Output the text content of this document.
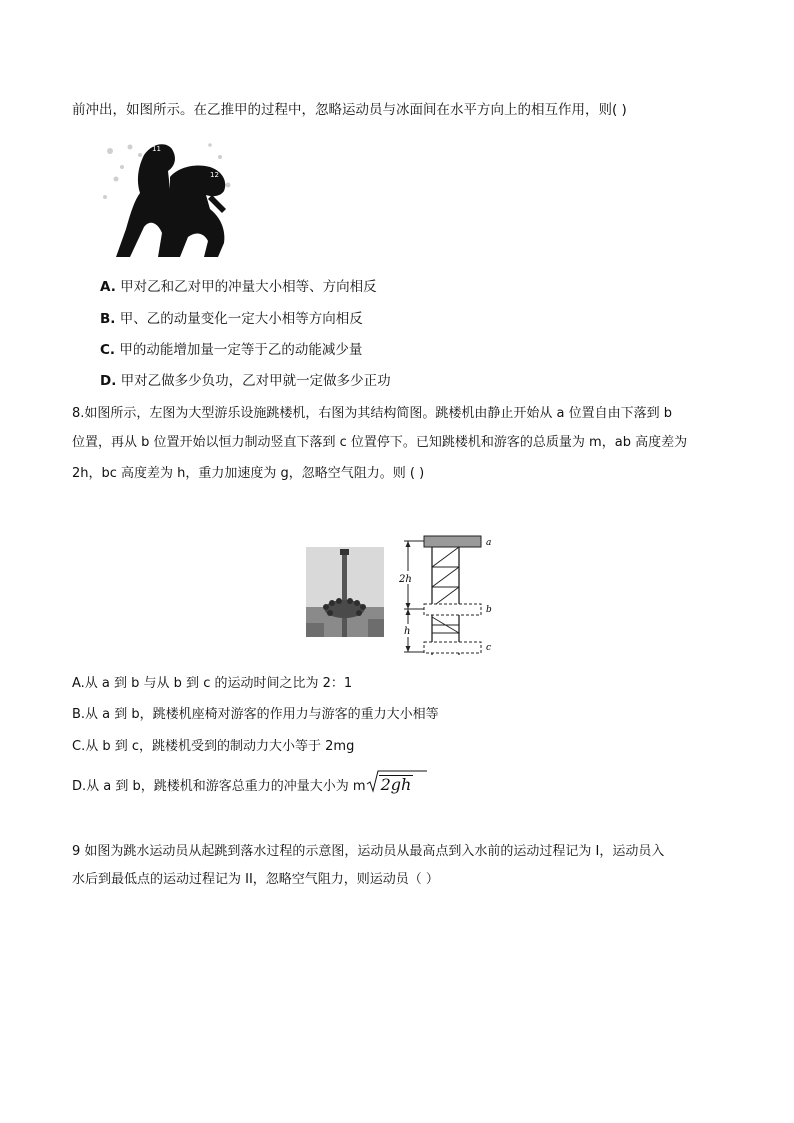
前冲出，如图所示。在乙推甲的过程中，忽略运动员与冰面间在水平方向上的相互作用，则( )
11
12
A. 甲对乙和乙对甲的冲量大小相等、方向相反
B. 甲、乙的动量变化一定大小相等方向相反
C. 甲的动能增加量一定等于乙的动能减少量
D. 甲对乙做多少负功，乙对甲就一定做多少正功
8.如图所示，左图为大型游乐设施跳楼机，右图为其结构简图。跳楼机由静止开始从 a 位置自由下落到 b
位置，再从 b 位置开始以恒力制动竖直下落到 c 位置停下。已知跳楼机和游客的总质量为 m，ab 高度差为
2h，bc 高度差为 h，重力加速度为 g，忽略空气阻力。则 ( )
2h
h
a
b
c
A.从 a 到 b 与从 b 到 c 的运动时间之比为 2：1
B.从 a 到 b，跳楼机座椅对游客的作用力与游客的重力大小相等
C.从 b 到 c，跳楼机受到的制动力大小等于 2mg
D.从 a 到 b，跳楼机和游客总重力的冲量大小为 m 2gh
9 如图为跳水运动员从起跳到落水过程的示意图，运动员从最高点到入水前的运动过程记为 I，运动员入
水后到最低点的运动过程记为 II，忽略空气阻力，则运动员（ ）
